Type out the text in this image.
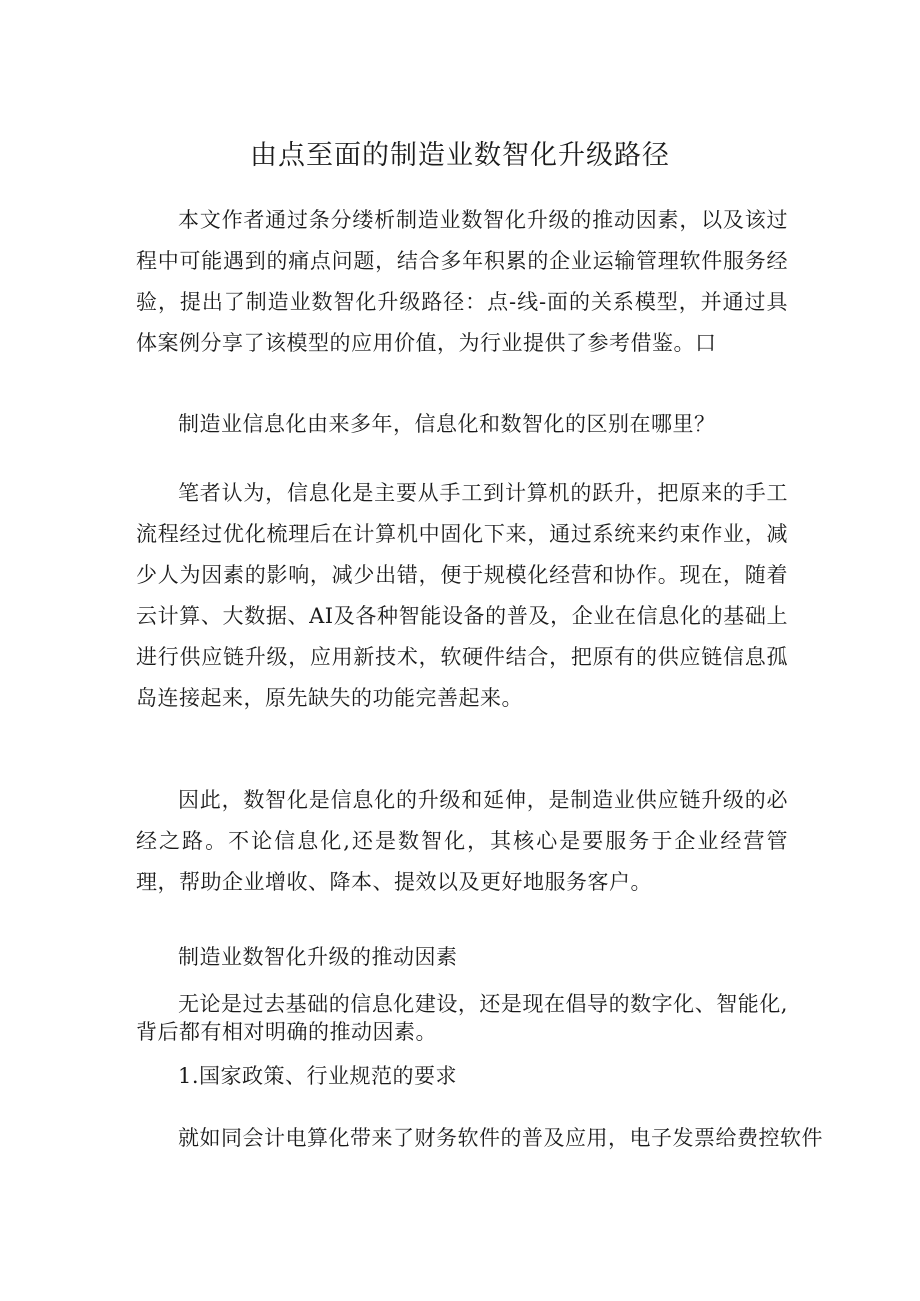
由点至面的制造业数智化升级路径

本文作者通过条分缕析制造业数智化升级的推动因素，以及该过程中可能遇到的痛点问题，结合多年积累的企业运输管理软件服务经验，提出了制造业数智化升级路径：点-线-面的关系模型，并通过具体案例分享了该模型的应用价值，为行业提供了参考借鉴。口

制造业信息化由来多年，信息化和数智化的区别在哪里？

笔者认为，信息化是主要从手工到计算机的跃升，把原来的手工流程经过优化梳理后在计算机中固化下来，通过系统来约束作业，减少人为因素的影响，减少出错，便于规模化经营和协作。现在，随着云计算、大数据、AI及各种智能设备的普及，企业在信息化的基础上进行供应链升级，应用新技术，软硬件结合，把原有的供应链信息孤岛连接起来，原先缺失的功能完善起来。

因此，数智化是信息化的升级和延伸，是制造业供应链升级的必经之路。不论信息化,还是数智化，其核心是要服务于企业经营管理，帮助企业增收、降本、提效以及更好地服务客户。

制造业数智化升级的推动因素

无论是过去基础的信息化建设，还是现在倡导的数字化、智能化,背后都有相对明确的推动因素。

1.国家政策、行业规范的要求

就如同会计电算化带来了财务软件的普及应用，电子发票给费控软件
